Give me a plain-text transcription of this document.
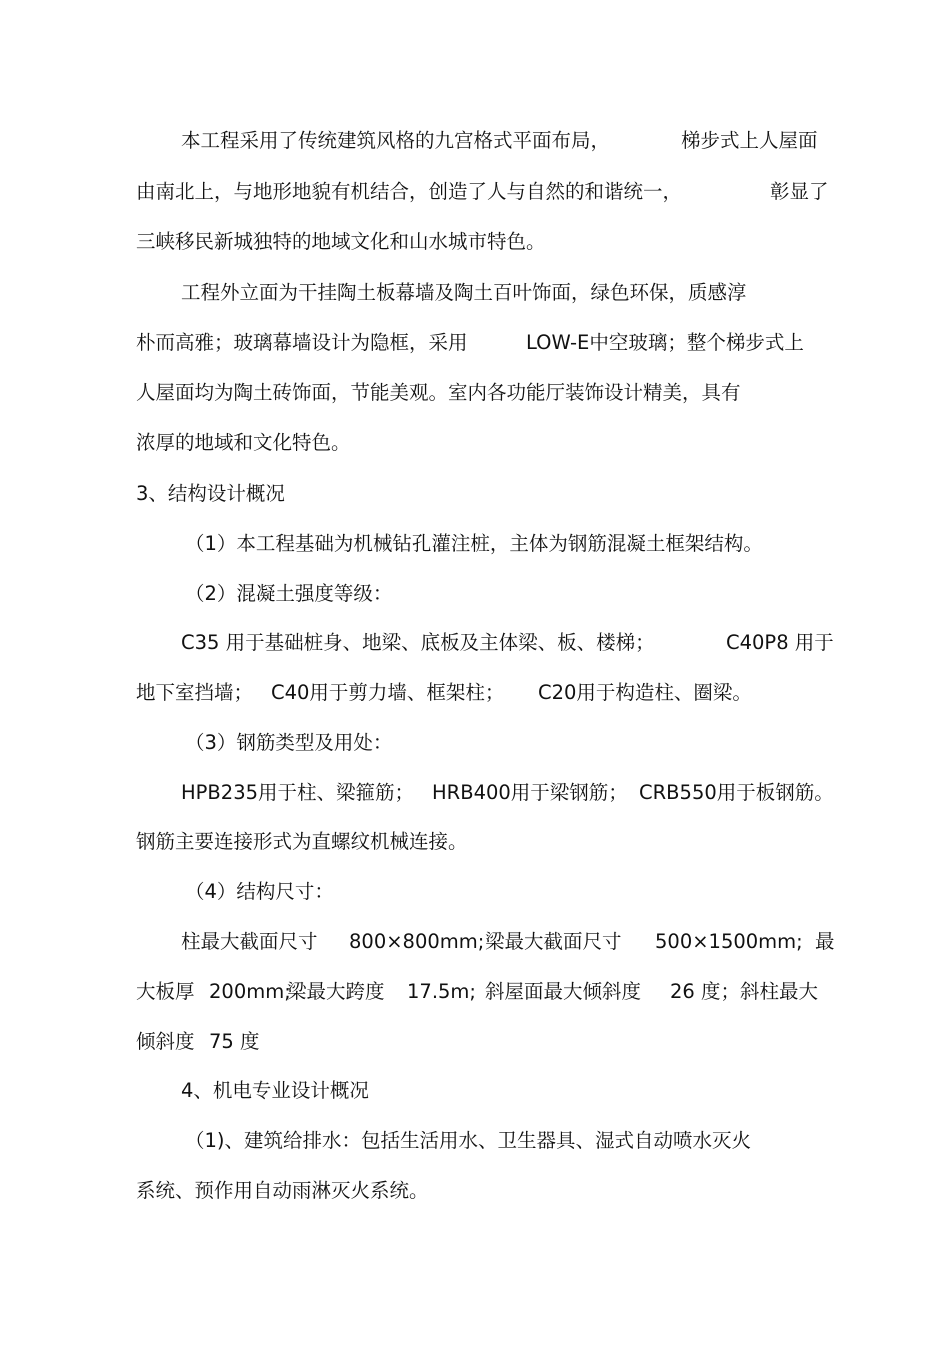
本工程采用了传统建筑风格的九宫格式平面布局，	梯步式上人屋面
由南北上，与地形地貌有机结合，创造了人与自然的和谐统一，	彰显了
三峡移民新城独特的地域文化和山水城市特色。
工程外立面为干挂陶土板幕墙及陶土百叶饰面，绿色环保，质感淳
朴而高雅；玻璃幕墙设计为隐框，采用	LOW-E中空玻璃；整个梯步式上
人屋面均为陶土砖饰面，节能美观。室内各功能厅装饰设计精美，具有
浓厚的地域和文化特色。
3、结构设计概况
（1）本工程基础为机械钻孔灌注桩，主体为钢筋混凝土框架结构。
（2）混凝土强度等级：
C35 用于基础桩身、地梁、底板及主体梁、板、楼梯；	C40P8 用于
地下室挡墙； C40用于剪力墙、框架柱； C20用于构造柱、圈梁。
（3）钢筋类型及用处：
HPB235用于柱、梁箍筋； HRB400用于梁钢筋； CRB550用于板钢筋。
钢筋主要连接形式为直螺纹机械连接。
（4）结构尺寸：
柱最大截面尺寸 800×800mm; 梁最大截面尺寸 500×1500mm; 最
大板厚 200mm;
梁最大跨度 17.5m; 斜屋面最大倾斜度 26 度；斜柱最大
倾斜度 75 度
4、机电专业设计概况
（1)、建筑给排水：包括生活用水、卫生器具、湿式自动喷水灭火
系统、预作用自动雨淋灭火系统。
